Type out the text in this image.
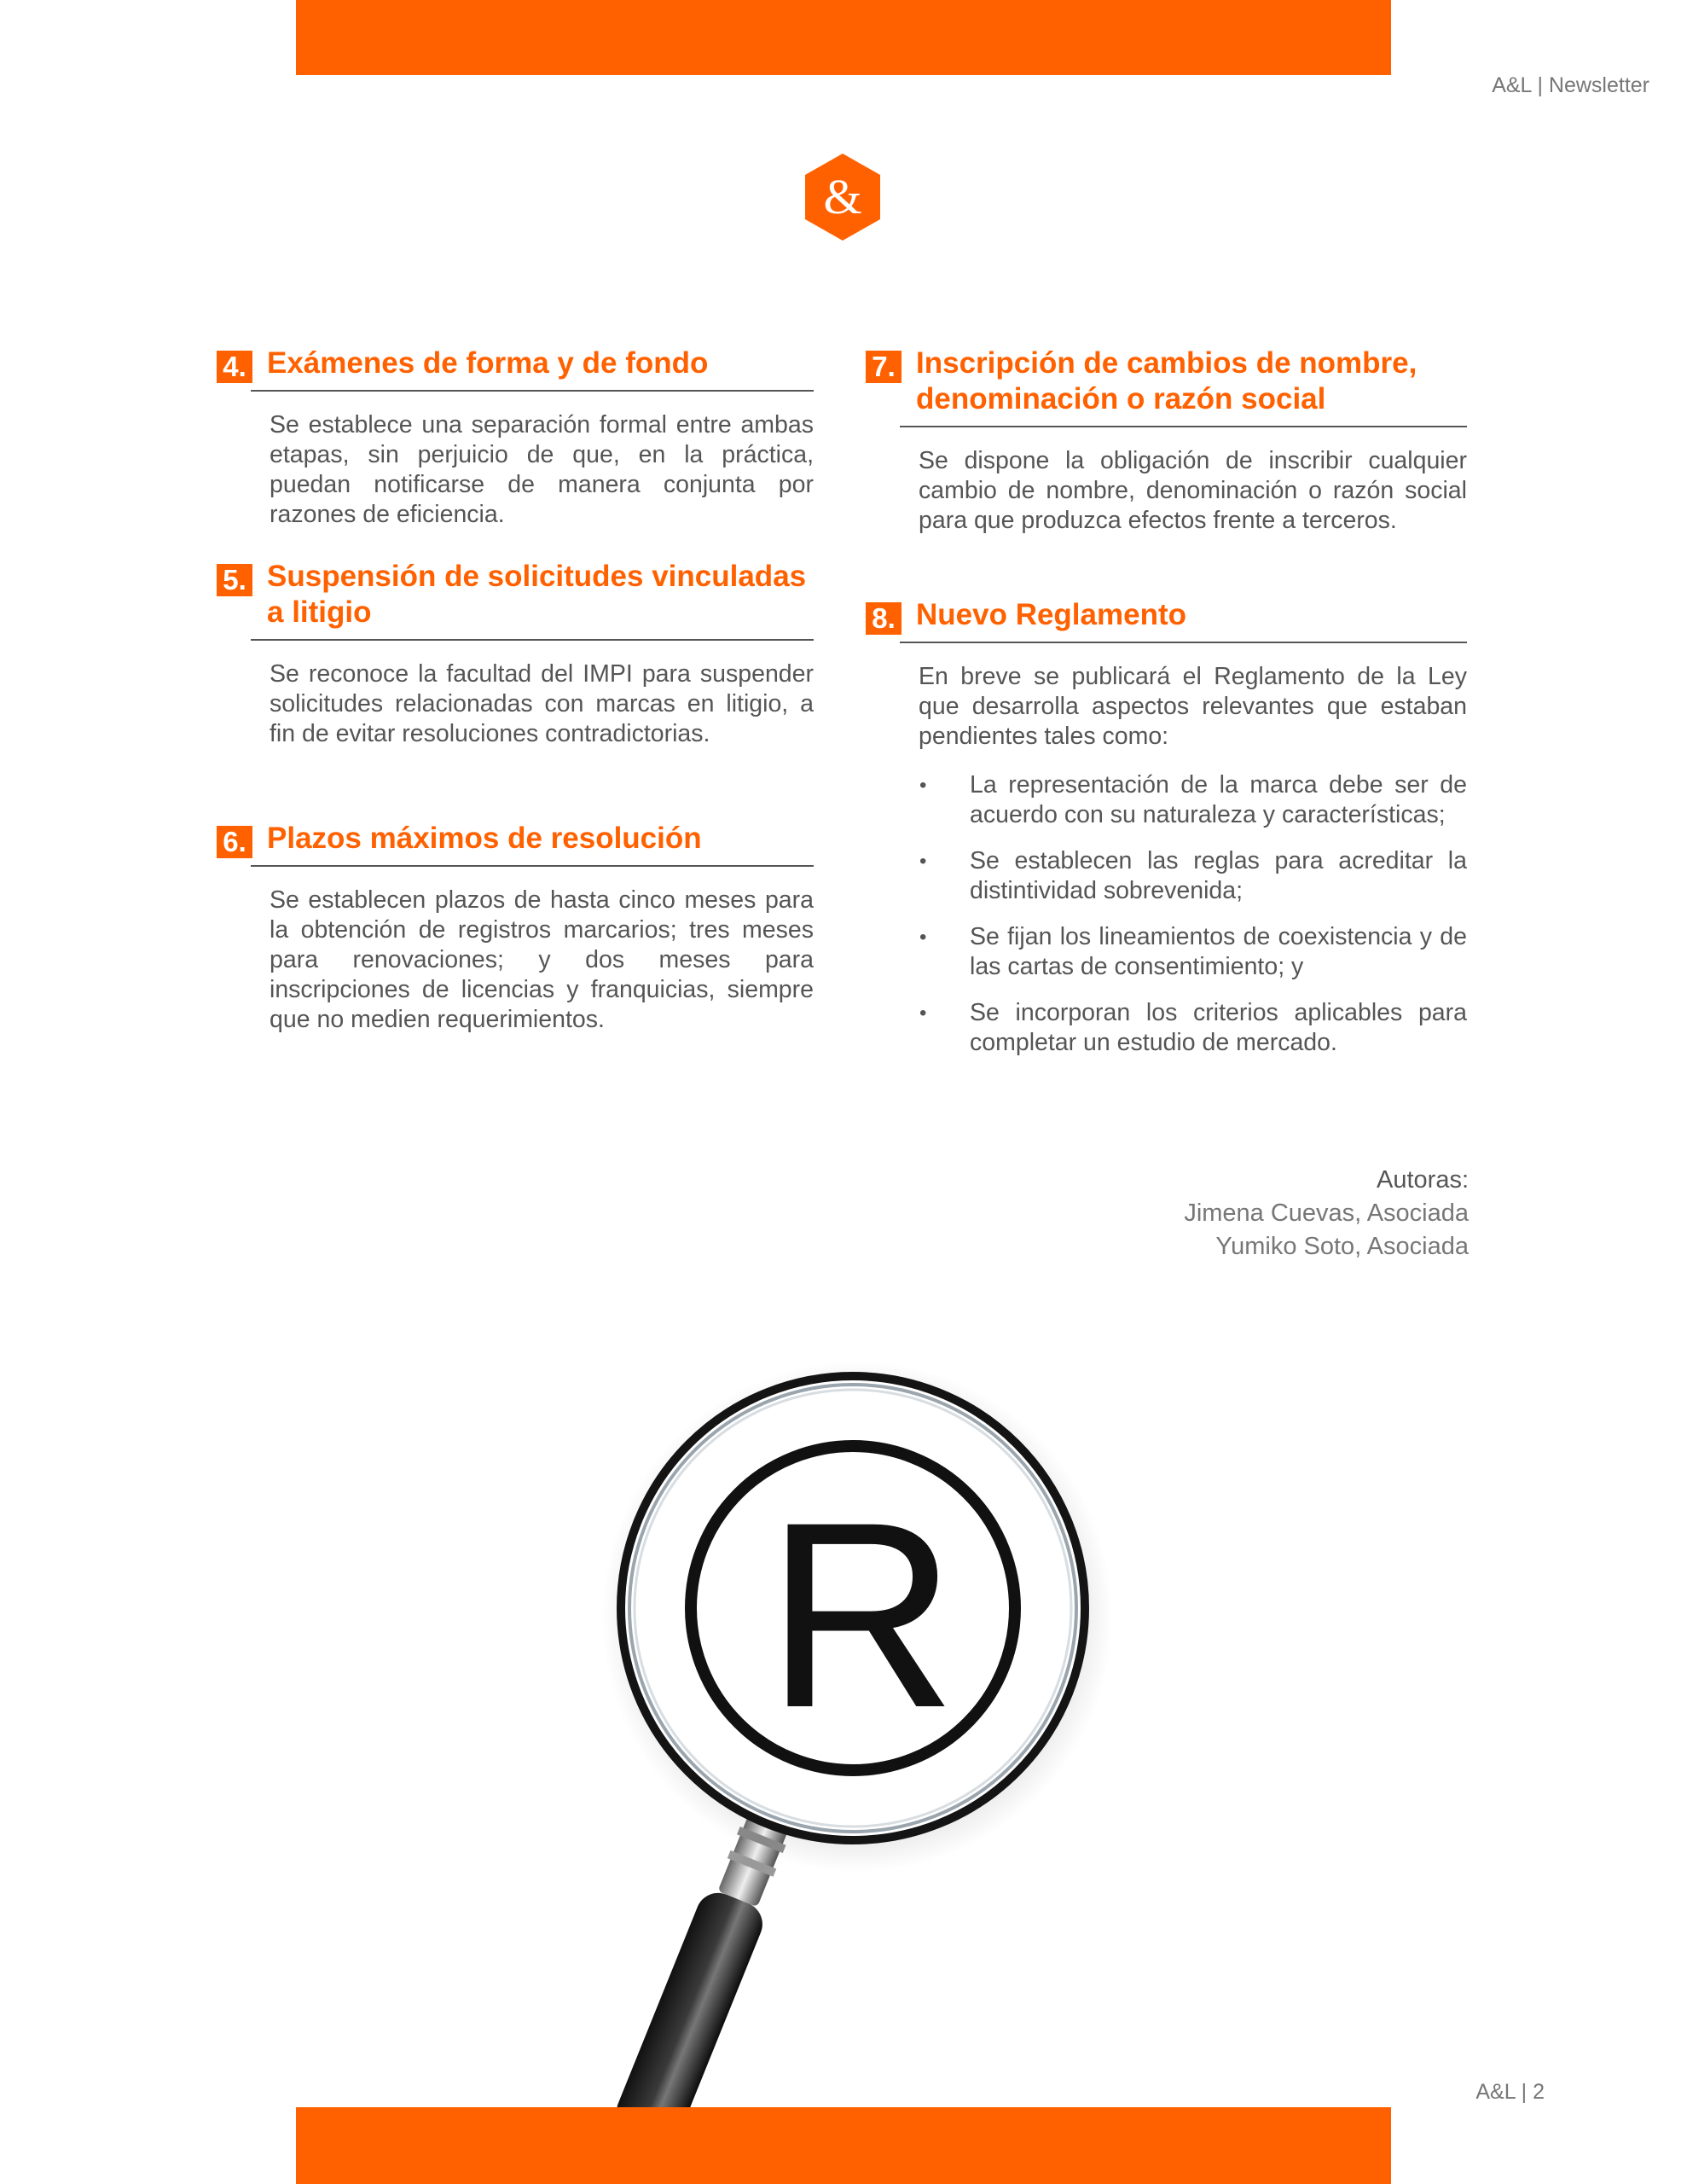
A&L | Newsletter
&
4. Exámenes de forma y de fondo

Se establece una separación formal entre ambas etapas, sin perjuicio de que, en la práctica, puedan notificarse de manera conjunta por razones de eficiencia.

5. Suspensión de solicitudes vinculadas
a litigio

Se reconoce la facultad del IMPI para suspender solicitudes relacionadas con marcas en litigio, a fin de evitar resoluciones contradictorias.

6. Plazos máximos de resolución

Se establecen plazos de hasta cinco meses para la obtención de registros marcarios; tres meses para renovaciones; y dos meses para inscripciones de licencias y franquicias, siempre que no medien requerimientos.

7. Inscripción de cambios de nombre,
denominación o razón social

Se dispone la obligación de inscribir cualquier cambio de nombre, denominación o razón social para que produzca efectos frente a terceros.

8. Nuevo Reglamento

En breve se publicará el Reglamento de la Ley que desarrolla aspectos relevantes que estaban pendientes tales como:

• La representación de la marca debe ser de acuerdo con su naturaleza y características;
• Se establecen las reglas para acreditar la distintividad sobrevenida;
• Se fijan los lineamientos de coexistencia y de las cartas de consentimiento; y
• Se incorporan los criterios aplicables para completar un estudio de mercado.
Autoras:
Jimena Cuevas, Asociada
Yumiko Soto, Asociada
R
A&L | 2
